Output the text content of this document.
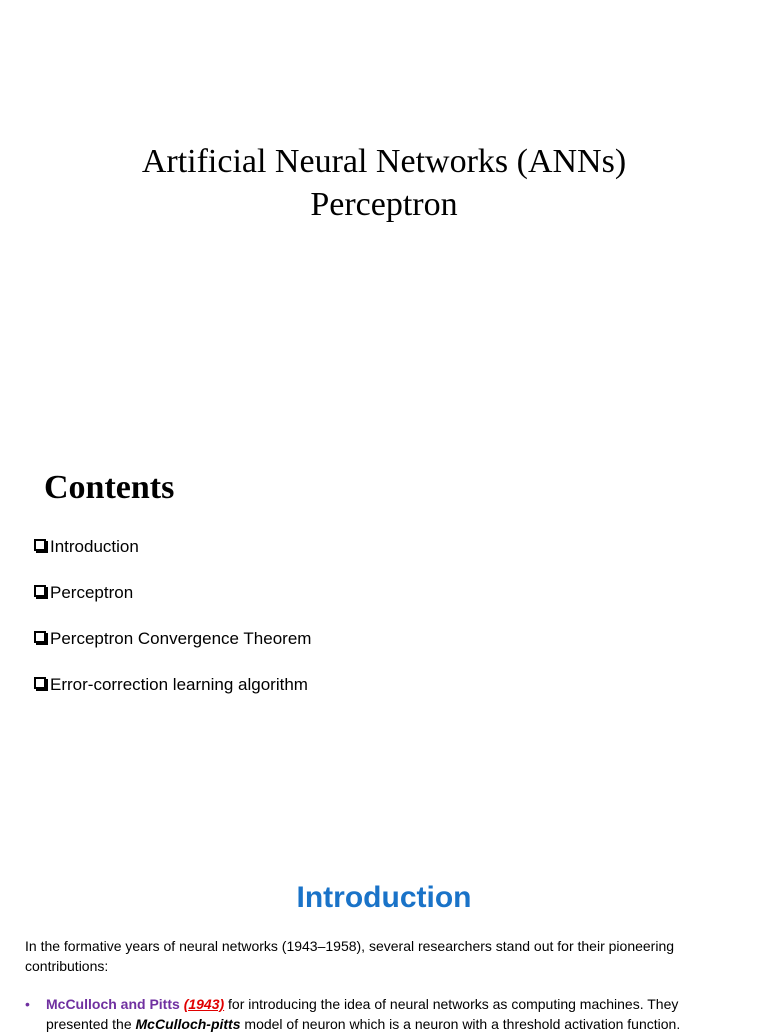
Artificial Neural Networks (ANNs)
Perceptron
Contents
Introduction
Perceptron
Perceptron Convergence Theorem
Error-correction learning algorithm
Introduction

In the formative years of neural networks (1943–1958), several researchers stand out for their pioneering contributions:

•	McCulloch and Pitts (1943) for introducing the idea of neural networks as computing machines. They presented the McCulloch-pitts model of neuron which is a neuron with a threshold activation function.
